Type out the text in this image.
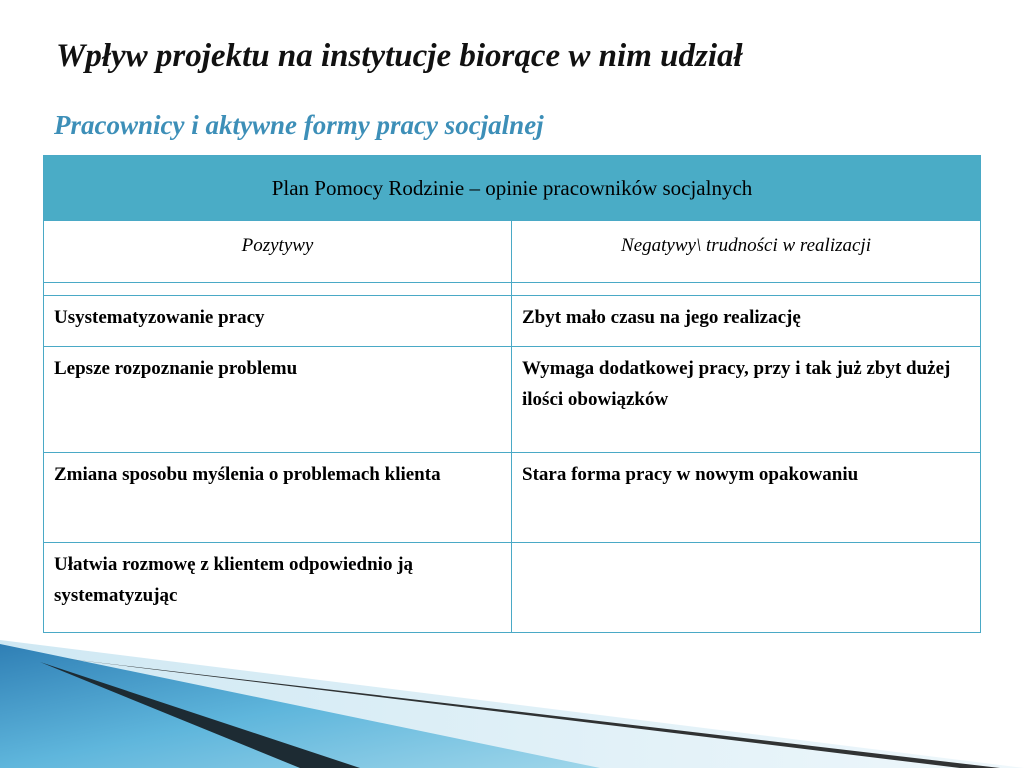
Wpływ projektu na instytucje biorące w nim udział
Pracownicy i aktywne formy pracy socjalnej
Plan Pomocy Rodzinie – opinie pracowników socjalnych	
Pozytywy	Negatywy\ trudności w realizacji

Usystematyzowanie pracy	Zbyt mało czasu na jego realizację
Lepsze rozpoznanie problemu	Wymaga dodatkowej pracy, przy i tak już zbyt dużej ilości obowiązków
Zmiana sposobu myślenia o problemach klienta	Stara forma pracy w nowym opakowaniu
Ułatwia rozmowę z klientem odpowiednio ją systematyzując	
